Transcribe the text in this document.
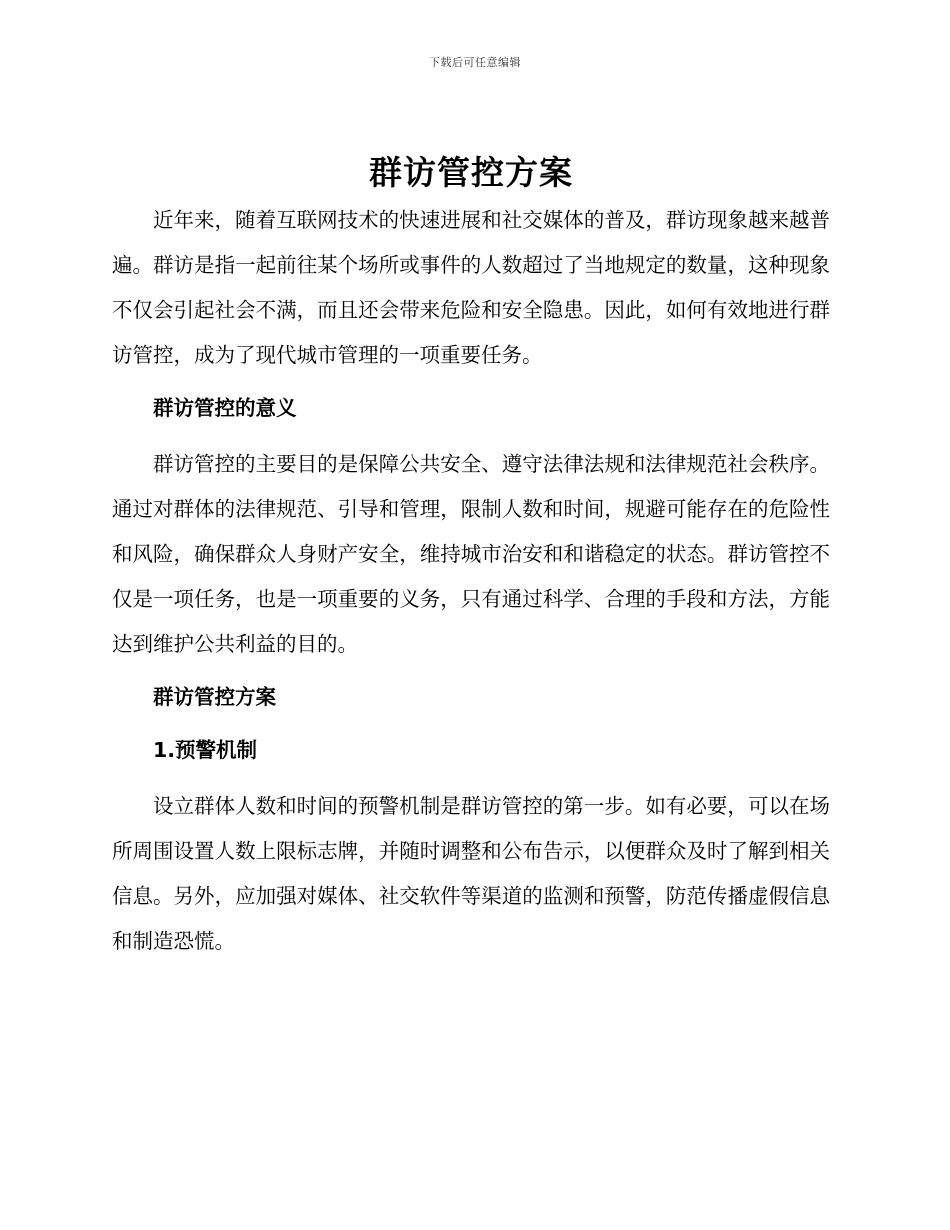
下载后可任意编辑
群访管控方案

近年来，随着互联网技术的快速进展和社交媒体的普及，群访现象越来越普遍。群访是指一起前往某个场所或事件的人数超过了当地规定的数量，这种现象不仅会引起社会不满，而且还会带来危险和安全隐患。因此，如何有效地进行群访管控，成为了现代城市管理的一项重要任务。

群访管控的意义

群访管控的主要目的是保障公共安全、遵守法律法规和法律规范社会秩序。通过对群体的法律规范、引导和管理，限制人数和时间，规避可能存在的危险性和风险，确保群众人身财产安全，维持城市治安和和谐稳定的状态。群访管控不仅是一项任务，也是一项重要的义务，只有通过科学、合理的手段和方法，方能达到维护公共利益的目的。

群访管控方案

1.预警机制

设立群体人数和时间的预警机制是群访管控的第一步。如有必要，可以在场所周围设置人数上限标志牌，并随时调整和公布告示，以便群众及时了解到相关信息。另外，应加强对媒体、社交软件等渠道的监测和预警，防范传播虚假信息和制造恐慌。
